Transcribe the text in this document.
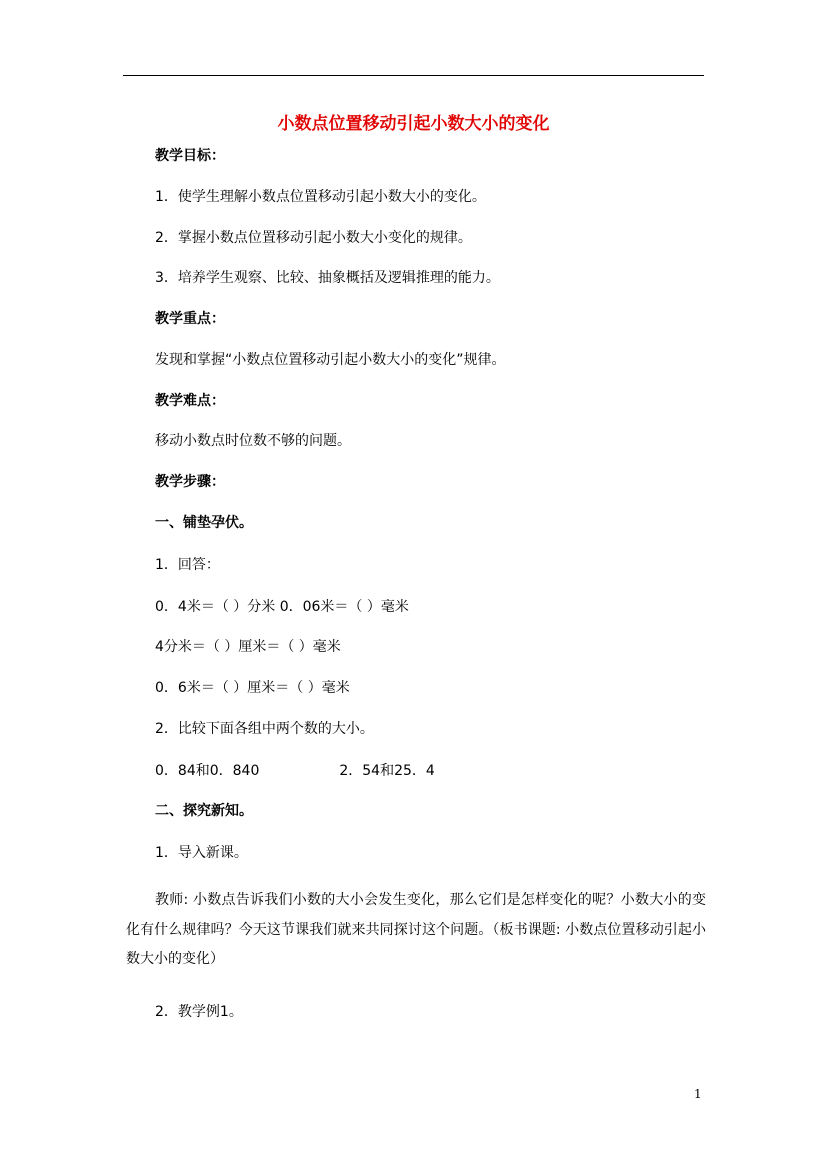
小数点位置移动引起小数大小的变化
教学目标：
1．使学生理解小数点位置移动引起小数大小的变化。
2．掌握小数点位置移动引起小数大小变化的规律。
3．培养学生观察、比较、抽象概括及逻辑推理的能力。
教学重点：
发现和掌握“小数点位置移动引起小数大小的变化”规律。
教学难点：
移动小数点时位数不够的问题。
教学步骤：
一、铺垫孕伏。
1．回答：
0．4米＝（ ）分米 0．06米＝（ ）毫米
4分米＝（ ）厘米＝（ ）毫米
0．6米＝（ ）厘米＝（ ）毫米
2．比较下面各组中两个数的大小。
0．84和0．840	2．54和25．4
二、探究新知。
1．导入新课。
教师: 小数点告诉我们小数的大小会发生变化，那么它们是怎样变化的呢？小数大小的变化有什么规律吗？今天这节课我们就来共同探讨这个问题。（板书课题: 小数点位置移动引起小数大小的变化）
2．教学例1。
1
